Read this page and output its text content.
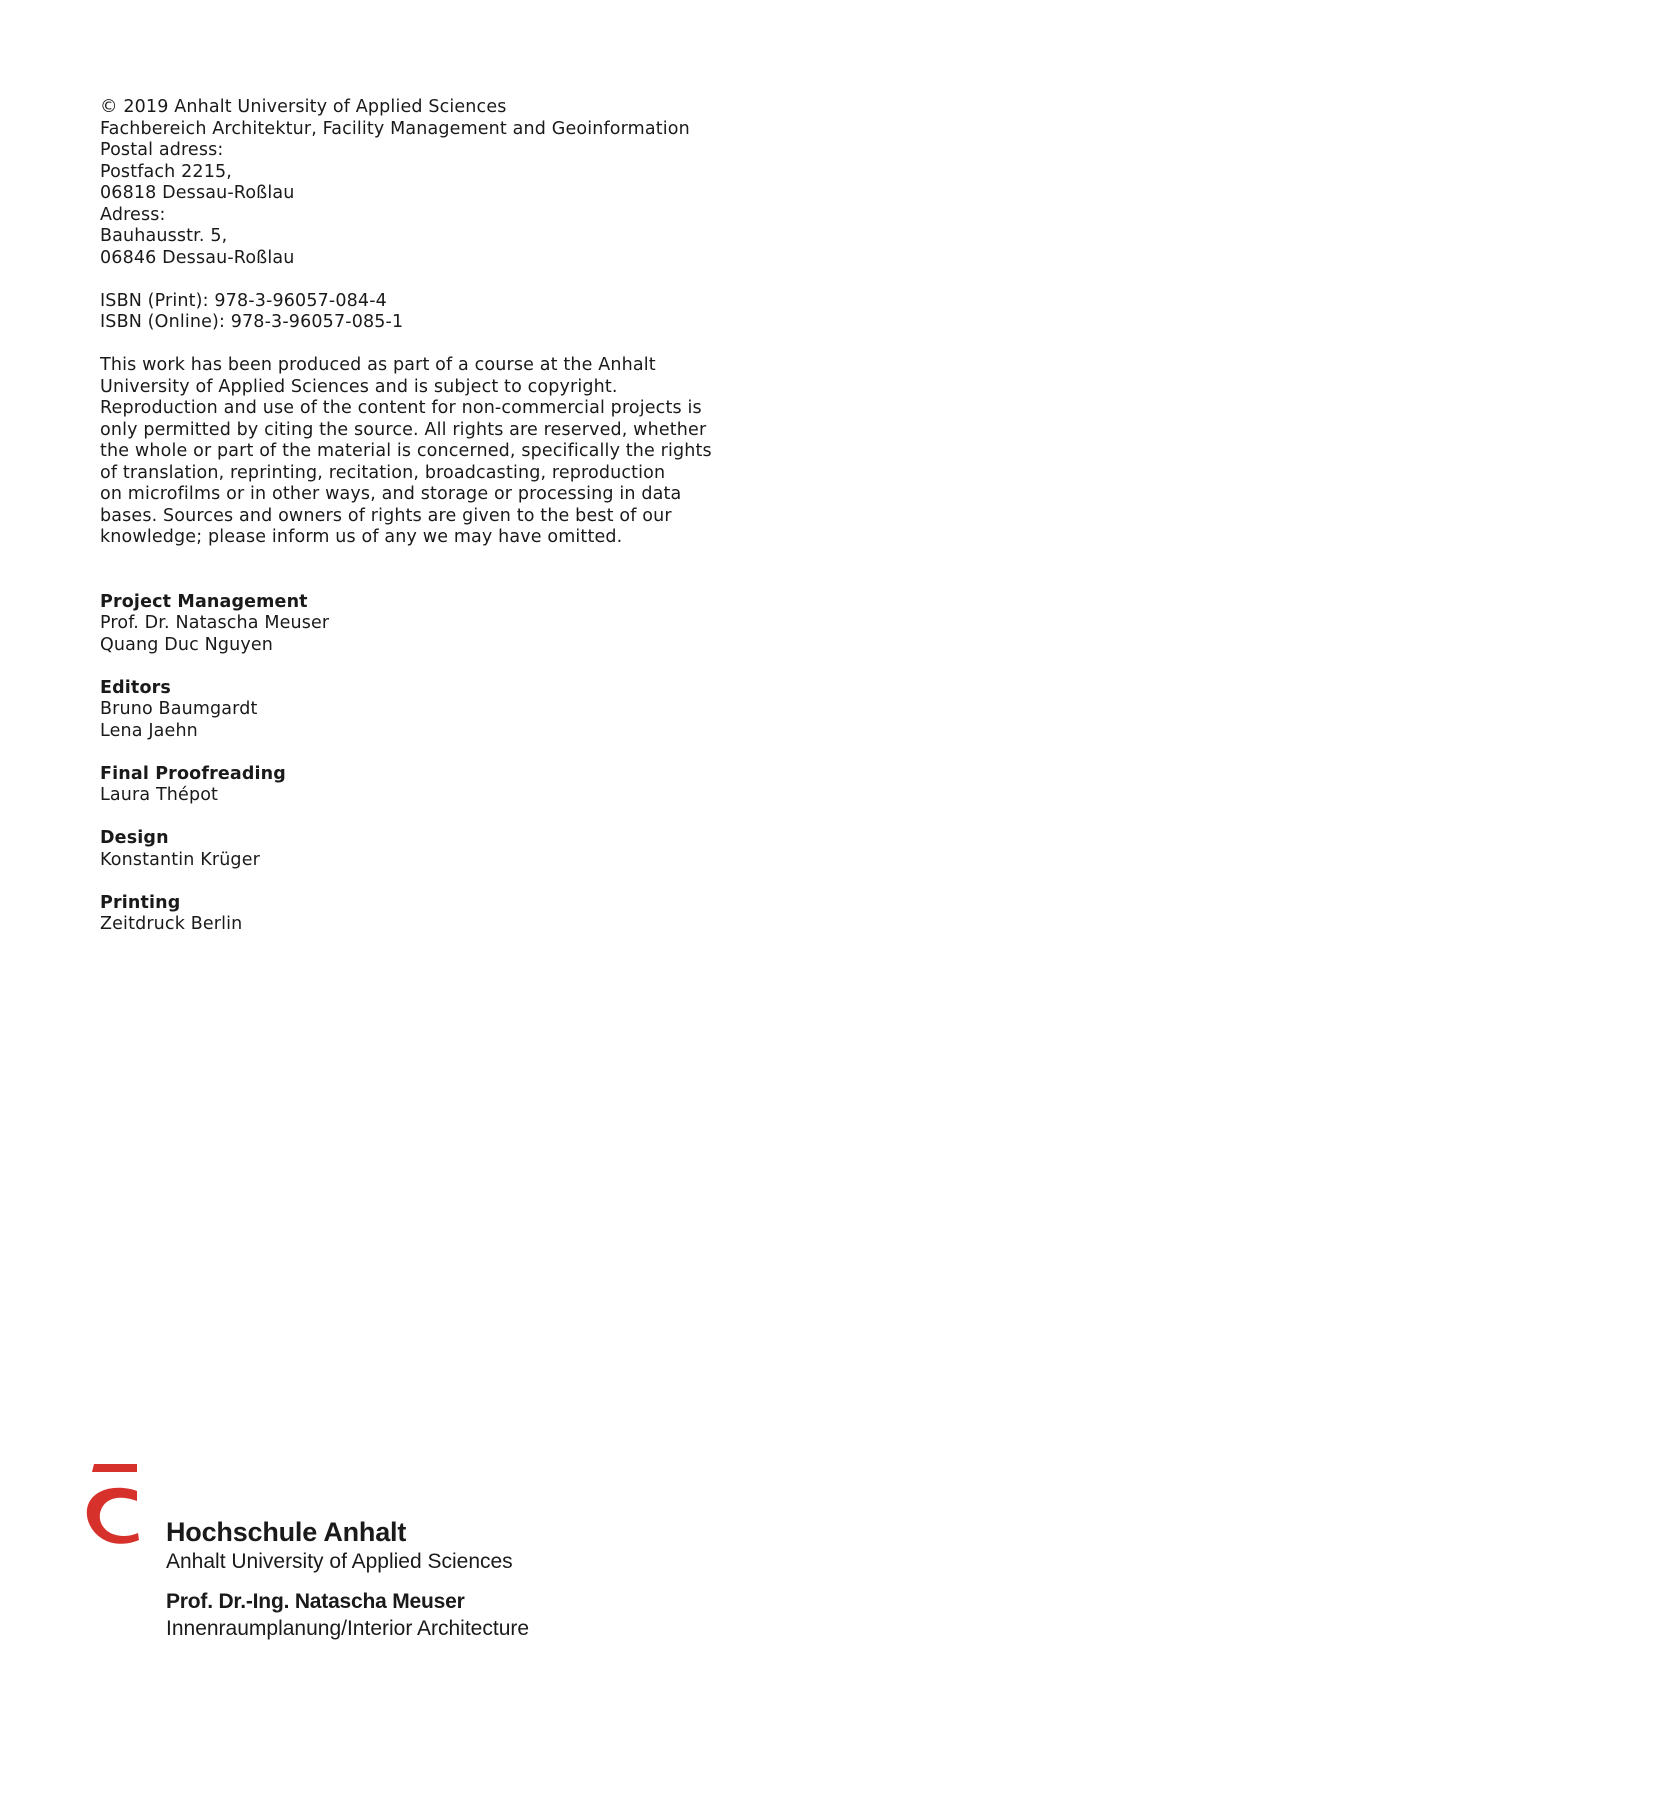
© 2019 Anhalt University of Applied Sciences
Fachbereich Architektur, Facility Management and Geoinformation
Postal adress:
Postfach 2215,
06818 Dessau-Roßlau
Adress:
Bauhausstr. 5,
06846 Dessau-Roßlau
ISBN (Print): 978-3-96057-084-4
ISBN (Online): 978-3-96057-085-1
This work has been produced as part of a course at the Anhalt
University of Applied Sciences and is subject to copyright.
Reproduction and use of the content for non-commercial projects is
only permitted by citing the source. All rights are reserved, whether
the whole or part of the material is concerned, specifically the rights
of translation, reprinting, recitation, broadcasting, reproduction
on microfilms or in other ways, and storage or processing in data
bases. Sources and owners of rights are given to the best of our
knowledge; please inform us of any we may have omitted.
Project Management
Prof. Dr. Natascha Meuser
Quang Duc Nguyen
Editors
Bruno Baumgardt
Lena Jaehn
Final Proofreading
Laura Thépot
Design
Konstantin Krüger
Printing
Zeitdruck Berlin
Hochschule Anhalt
Anhalt University of Applied Sciences
Prof. Dr.-Ing. Natascha Meuser
Innenraumplanung/Interior Architecture
